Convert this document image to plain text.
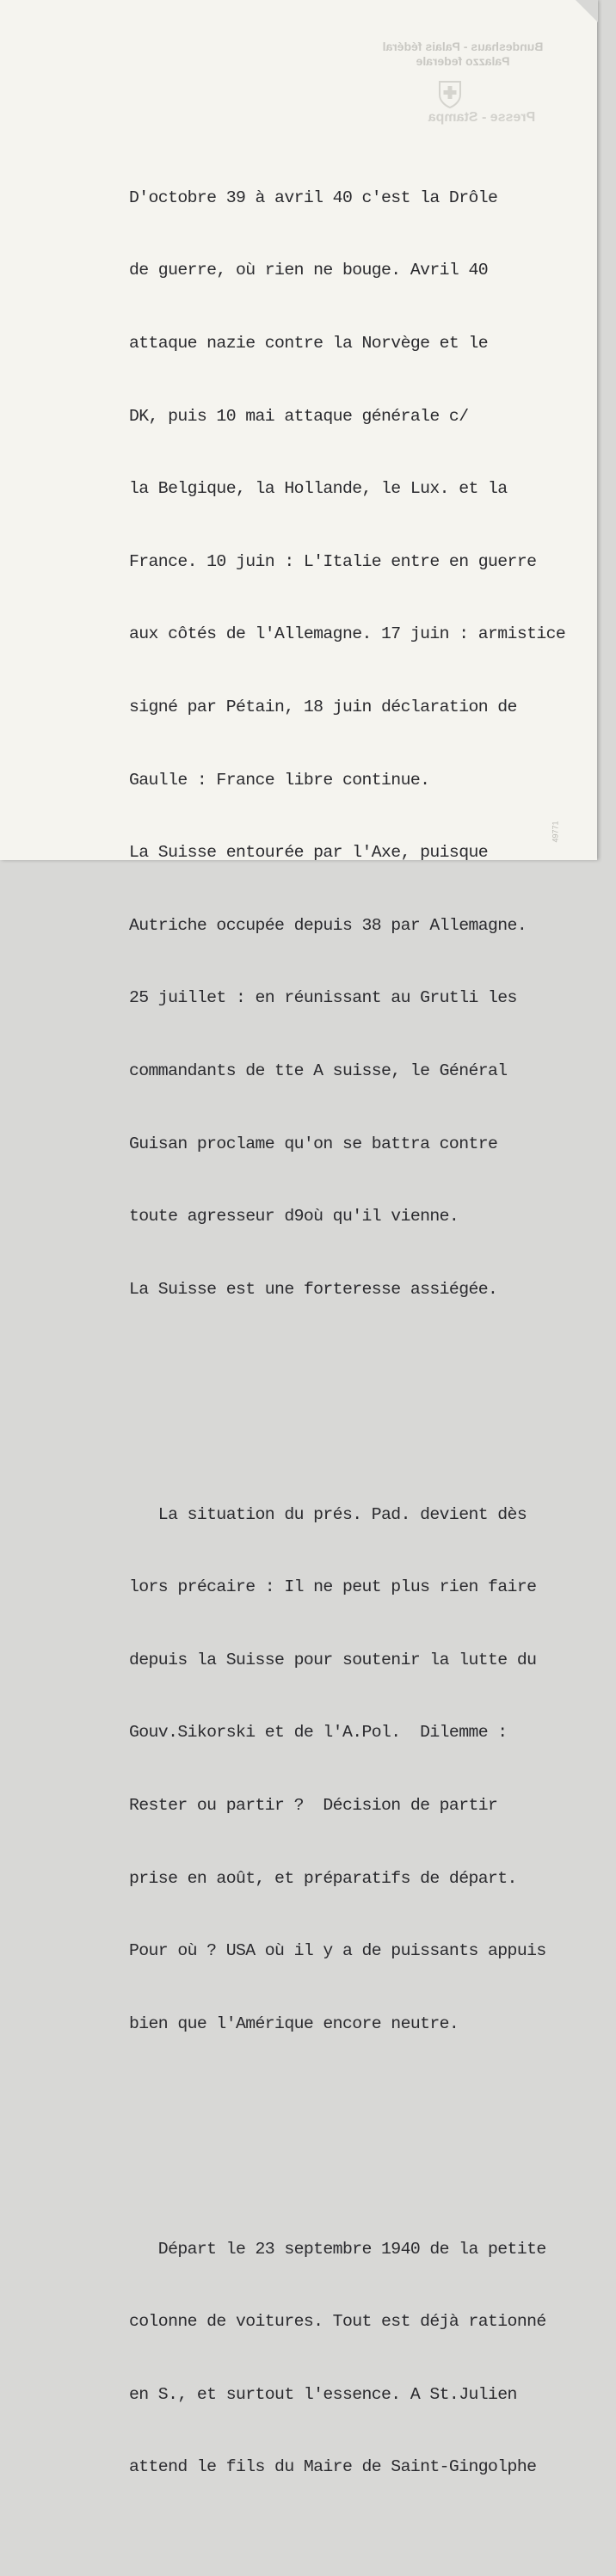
Bundeshaus - Palais fédéral
Palazzo federale
Presse - Stampa

D'octobre 39 à avril 40 c'est la Drôle

de guerre, où rien ne bouge. Avril 40

attaque nazie contre la Norvège et le

DK, puis 10 mai attaque générale c/

la Belgique, la Hollande, le Lux. et la

France. 10 juin : L'Italie entre en guerre

aux côtés de l'Allemagne. 17 juin : armistice

signé par Pétain, 18 juin déclaration de

Gaulle : France libre continue.

La Suisse entourée par l'Axe, puisque

Autriche occupée depuis 38 par Allemagne.

25 juillet : en réunissant au Grutli les

commandants de tte A suisse, le Général

Guisan proclame qu'on se battra contre

toute agresseur d9où qu'il vienne.

La Suisse est une forteresse assiégée.

La situation du prés. Pad. devient dès

lors précaire : Il ne peut plus rien faire

depuis la Suisse pour soutenir la lutte du

Gouv.Sikorski et de l'A.Pol.  Dilemme :

Rester ou partir ?  Décision de partir

prise en août, et préparatifs de départ.

Pour où ? USA où il y a de puissants appuis

bien que l'Amérique encore neutre.

Départ le 23 septembre 1940 de la petite

colonne de voitures. Tout est déjà rationné

en S., et surtout l'essence. A St.Julien

attend le fils du Maire de Saint-Gingolphe

49771
